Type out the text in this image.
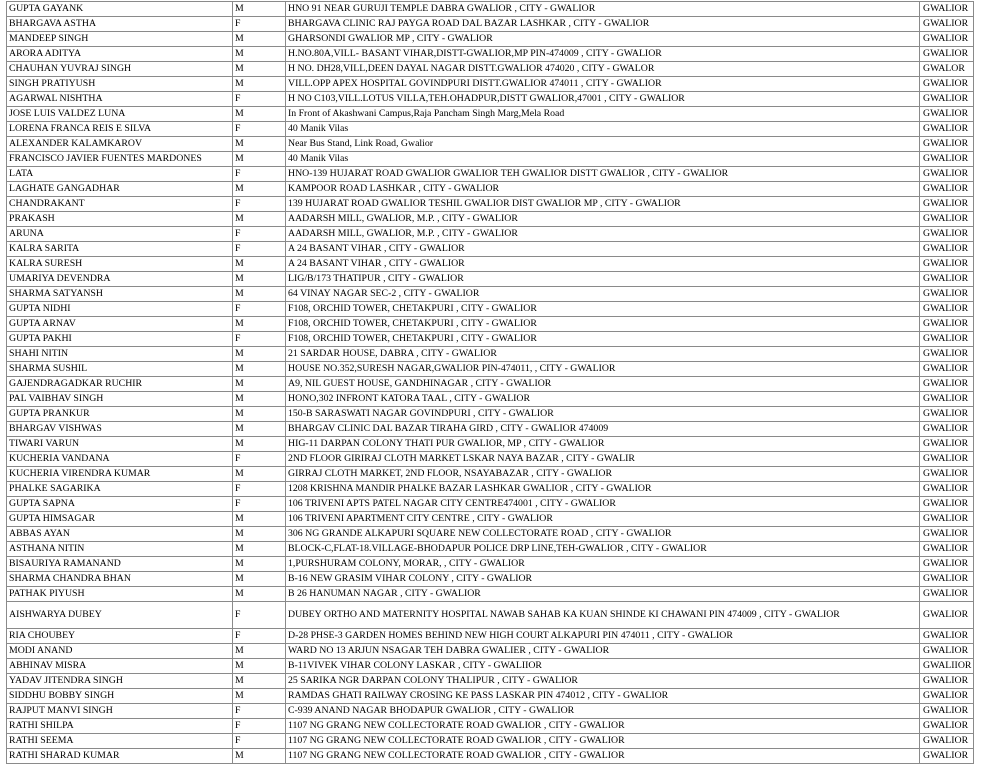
GUPTA GAYANK	M	HNO 91 NEAR GURUJI TEMPLE DABRA GWALIOR , CITY - GWALIOR	GWALIOR
BHARGAVA ASTHA	F	BHARGAVA CLINIC RAJ PAYGA ROAD DAL BAZAR LASHKAR , CITY - GWALIOR	GWALIOR
MANDEEP SINGH	M	GHARSONDI GWALIOR MP , CITY - GWALIOR	GWALIOR
ARORA ADITYA	M	H.NO.80A,VILL- BASANT VIHAR,DISTT-GWALIOR,MP PIN-474009 , CITY - GWALIOR	GWALIOR
CHAUHAN YUVRAJ SINGH	M	H NO. DH28,VILL,DEEN DAYAL NAGAR DISTT.GWALIOR 474020 , CITY - GWALOR	GWALOR
SINGH PRATIYUSH	M	VILL.OPP APEX HOSPITAL GOVINDPURI DISTT.GWALIOR 474011 , CITY - GWALIOR	GWALIOR
AGARWAL NISHTHA	F	H NO C103,VILL.LOTUS VILLA,TEH.OHADPUR,DISTT GWALIOR,47001 , CITY - GWALIOR	GWALIOR
JOSE LUIS VALDEZ LUNA	M	In Front of Akashwani Campus,Raja Pancham Singh Marg,Mela Road	GWALIOR
LORENA FRANCA REIS E SILVA	F	40 Manik Vilas	GWALIOR
ALEXANDER KALAMKAROV	M	Near Bus Stand, Link Road, Gwalior	GWALIOR
FRANCISCO JAVIER FUENTES MARDONES	M	40 Manik Vilas	GWALIOR
LATA	F	HNO-139 HUJARAT ROAD GWALIOR GWALIOR TEH GWALIOR DISTT GWALIOR , CITY - GWALIOR	GWALIOR
LAGHATE GANGADHAR	M	KAMPOOR ROAD LASHKAR , CITY - GWALIOR	GWALIOR
CHANDRAKANT	F	139 HUJARAT ROAD GWALIOR TESHIL GWALIOR DIST GWALIOR MP , CITY - GWALIOR	GWALIOR
PRAKASH	M	AADARSH MILL, GWALIOR, M.P. , CITY - GWALIOR	GWALIOR
ARUNA	F	AADARSH MILL, GWALIOR, M.P. , CITY - GWALIOR	GWALIOR
KALRA SARITA	F	A 24 BASANT VIHAR , CITY - GWALIOR	GWALIOR
KALRA SURESH	M	A 24 BASANT VIHAR , CITY - GWALIOR	GWALIOR
UMARIYA DEVENDRA	M	LIG/B/173 THATIPUR , CITY - GWALIOR	GWALIOR
SHARMA SATYANSH	M	64 VINAY NAGAR SEC-2 , CITY - GWALIOR	GWALIOR
GUPTA NIDHI	F	F108, ORCHID TOWER, CHETAKPURI , CITY - GWALIOR	GWALIOR
GUPTA ARNAV	M	F108, ORCHID TOWER, CHETAKPURI , CITY - GWALIOR	GWALIOR
GUPTA PAKHI	F	F108, ORCHID TOWER, CHETAKPURI , CITY - GWALIOR	GWALIOR
SHAHI NITIN	M	21 SARDAR HOUSE, DABRA , CITY - GWALIOR	GWALIOR
SHARMA SUSHIL	M	HOUSE NO.352,SURESH NAGAR,GWALIOR PIN-474011, , CITY - GWALIOR	GWALIOR
GAJENDRAGADKAR RUCHIR	M	A9, NIL GUEST HOUSE, GANDHINAGAR , CITY - GWALIOR	GWALIOR
PAL VAIBHAV SINGH	M	HONO,302 INFRONT KATORA TAAL , CITY - GWALIOR	GWALIOR
GUPTA PRANKUR	M	150-B SARASWATI NAGAR GOVINDPURI , CITY - GWALIOR	GWALIOR
BHARGAV VISHWAS	M	BHARGAV CLINIC DAL BAZAR TIRAHA GIRD , CITY - GWALIOR 474009	GWALIOR
TIWARI VARUN	M	HIG-11 DARPAN COLONY THATI PUR GWALIOR, MP , CITY - GWALIOR	GWALIOR
KUCHERIA VANDANA	F	2ND FLOOR GIRIRAJ CLOTH MARKET LSKAR NAYA BAZAR , CITY - GWALIR	GWALIOR
KUCHERIA VIRENDRA KUMAR	M	GIRRAJ CLOTH MARKET, 2ND FLOOR, NSAYABAZAR , CITY - GWALIOR	GWALIOR
PHALKE SAGARIKA	F	1208 KRISHNA MANDIR PHALKE BAZAR LASHKAR GWALIOR , CITY - GWALIOR	GWALIOR
GUPTA SAPNA	F	106 TRIVENI APTS PATEL NAGAR CITY CENTRE474001 , CITY - GWALIOR	GWALIOR
GUPTA HIMSAGAR	M	106 TRIVENI APARTMENT CITY CENTRE , CITY - GWALIOR	GWALIOR
ABBAS AYAN	M	306 NG GRANDE ALKAPURI SQUARE NEW COLLECTORATE ROAD , CITY - GWALIOR	GWALIOR
ASTHANA NITIN	M	BLOCK-C,FLAT-18.VILLAGE-BHODAPUR POLICE DRP LINE,TEH-GWALIOR , CITY - GWALIOR	GWALIOR
BISAURIYA RAMANAND	M	1,PURSHURAM COLONY, MORAR, , CITY - GWALIOR	GWALIOR
SHARMA CHANDRA BHAN	M	B-16 NEW GRASIM VIHAR COLONY , CITY - GWALIOR	GWALIOR
PATHAK PIYUSH	M	B 26 HANUMAN NAGAR , CITY - GWALIOR	GWALIOR
AISHWARYA DUBEY	F	DUBEY ORTHO AND MATERNITY HOSPITAL NAWAB SAHAB KA KUAN SHINDE KI CHAWANI PIN 474009 , CITY - GWALIOR	GWALIOR
RIA CHOUBEY	F	D-28 PHSE-3 GARDEN HOMES BEHIND NEW HIGH COURT ALKAPURI PIN 474011 , CITY - GWALIOR	GWALIOR
MODI ANAND	M	WARD NO 13 ARJUN NSAGAR TEH DABRA GWALIER , CITY - GWALIOR	GWALIOR
ABHINAV MISRA	M	B-11VIVEK VIHAR COLONY LASKAR , CITY - GWALIIOR	GWALIIOR
YADAV JITENDRA SINGH	M	25 SARIKA NGR DARPAN COLONY THALIPUR , CITY - GWALIOR	GWALIOR
SIDDHU BOBBY SINGH	M	RAMDAS GHATI RAILWAY CROSING KE PASS LASKAR PIN 474012 , CITY - GWALIOR	GWALIOR
RAJPUT MANVI SINGH	F	C-939 ANAND NAGAR BHODAPUR GWALIOR , CITY - GWALIOR	GWALIOR
RATHI SHILPA	F	1107 NG GRANG NEW COLLECTORATE ROAD GWALIOR , CITY - GWALIOR	GWALIOR
RATHI SEEMA	F	1107 NG GRANG NEW COLLECTORATE ROAD GWALIOR , CITY - GWALIOR	GWALIOR
RATHI SHARAD KUMAR	M	1107 NG GRANG NEW COLLECTORATE ROAD GWALIOR , CITY - GWALIOR	GWALIOR
